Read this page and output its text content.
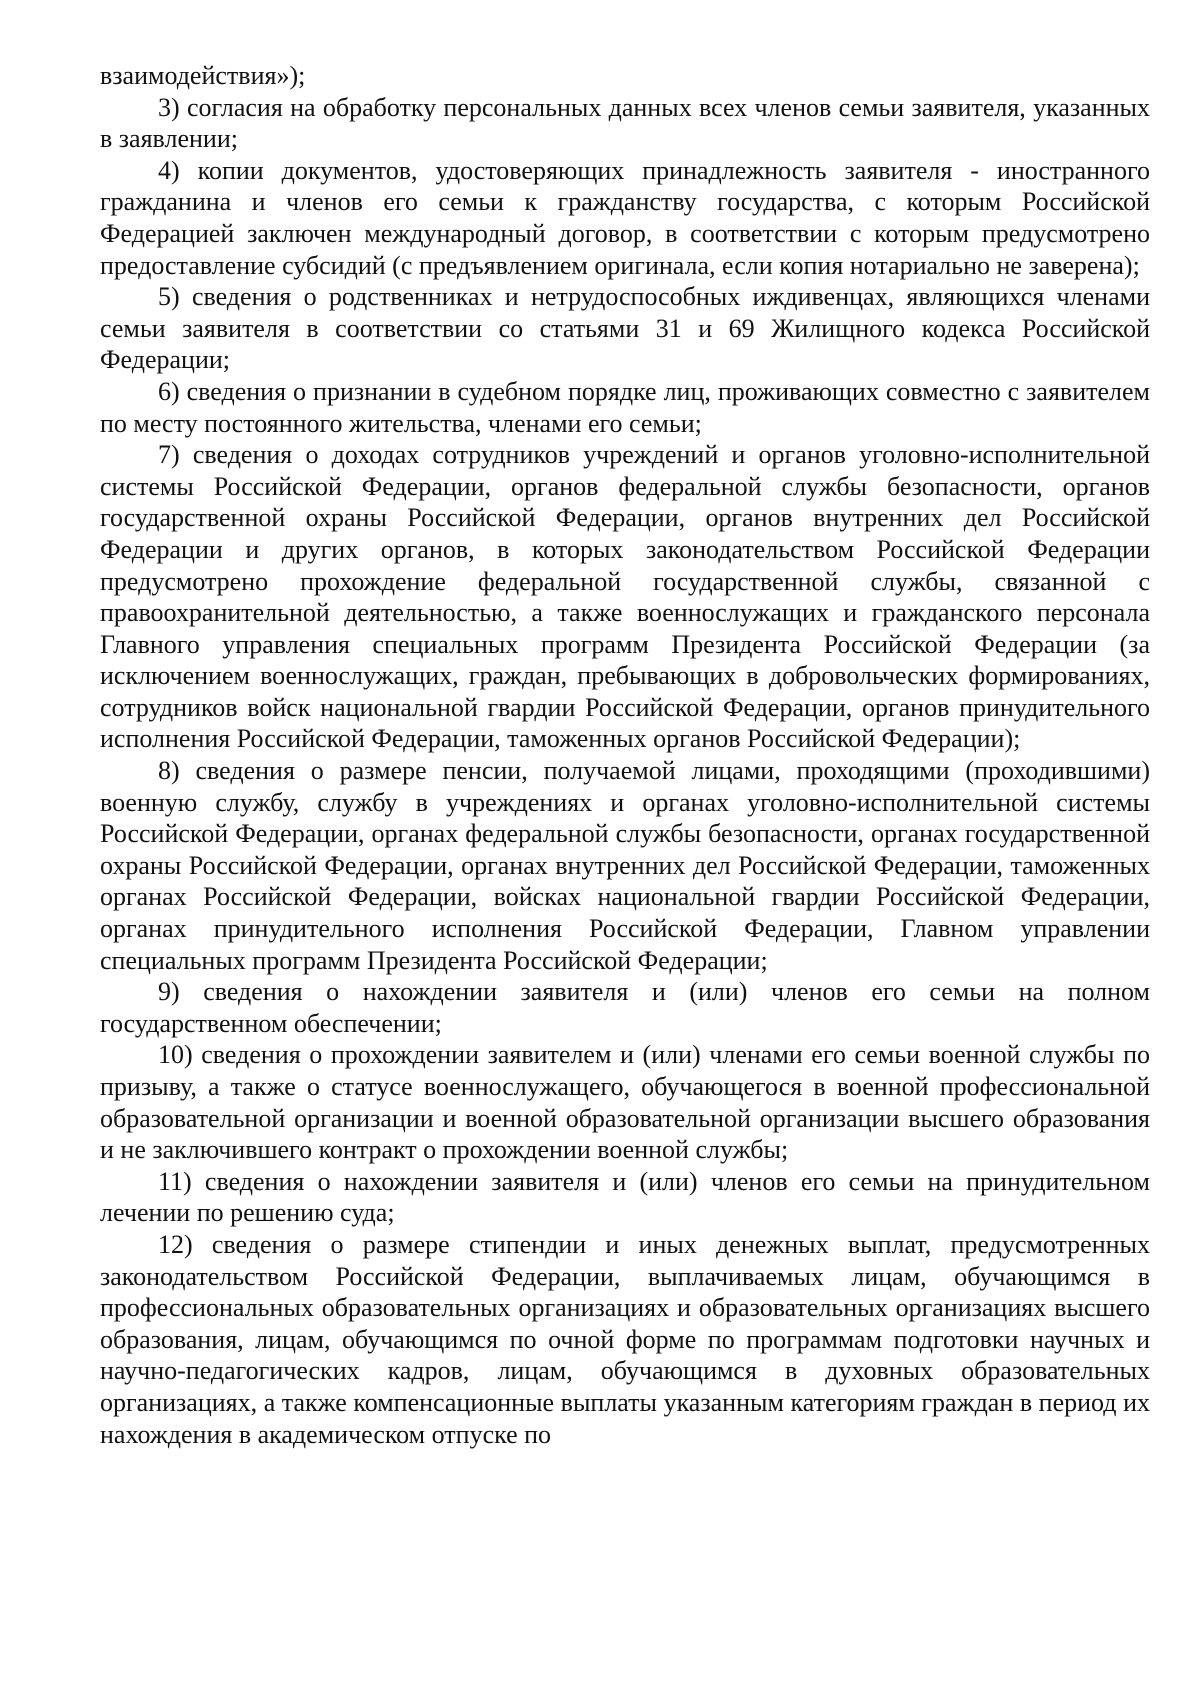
взаимодействия»);

3) согласия на обработку персональных данных всех членов семьи заявителя, указанных в заявлении;

4) копии документов, удостоверяющих принадлежность заявителя - иностранного гражданина и членов его семьи к гражданству государства, с которым Российской Федерацией заключен международный договор, в соответствии с которым предусмотрено предоставление субсидий (с предъявлением оригинала, если копия нотариально не заверена);

5) сведения о родственниках и нетрудоспособных иждивенцах, являющихся членами семьи заявителя в соответствии со статьями 31 и 69 Жилищного кодекса Российской Федерации;

6) сведения о признании в судебном порядке лиц, проживающих совместно с заявителем по месту постоянного жительства, членами его семьи;

7) сведения о доходах сотрудников учреждений и органов уголовно-исполнительной системы Российской Федерации, органов федеральной службы безопасности, органов государственной охраны Российской Федерации, органов внутренних дел Российской Федерации и других органов, в которых законодательством Российской Федерации предусмотрено прохождение федеральной государственной службы, связанной с правоохранительной деятельностью, а также военнослужащих и гражданского персонала Главного управления специальных программ Президента Российской Федерации (за исключением военнослужащих, граждан, пребывающих в добровольческих формированиях, сотрудников войск национальной гвардии Российской Федерации, органов принудительного исполнения Российской Федерации, таможенных органов Российской Федерации);

8) сведения о размере пенсии, получаемой лицами, проходящими (проходившими) военную службу, службу в учреждениях и органах уголовно-исполнительной системы Российской Федерации, органах федеральной службы безопасности, органах государственной охраны Российской Федерации, органах внутренних дел Российской Федерации, таможенных органах Российской Федерации, войсках национальной гвардии Российской Федерации, органах принудительного исполнения Российской Федерации, Главном управлении специальных программ Президента Российской Федерации;

9) сведения о нахождении заявителя и (или) членов его семьи на полном государственном обеспечении;

10) сведения о прохождении заявителем и (или) членами его семьи военной службы по призыву, а также о статусе военнослужащего, обучающегося в военной профессиональной образовательной организации и военной образовательной организации высшего образования и не заключившего контракт о прохождении военной службы;

11) сведения о нахождении заявителя и (или) членов его семьи на принудительном лечении по решению суда;

12) сведения о размере стипендии и иных денежных выплат, предусмотренных законодательством Российской Федерации, выплачиваемых лицам, обучающимся в профессиональных образовательных организациях и образовательных организациях высшего образования, лицам, обучающимся по очной форме по программам подготовки научных и научно-педагогических кадров, лицам, обучающимся в духовных образовательных организациях, а также компенсационные выплаты указанным категориям граждан в период их нахождения в академическом отпуске по
